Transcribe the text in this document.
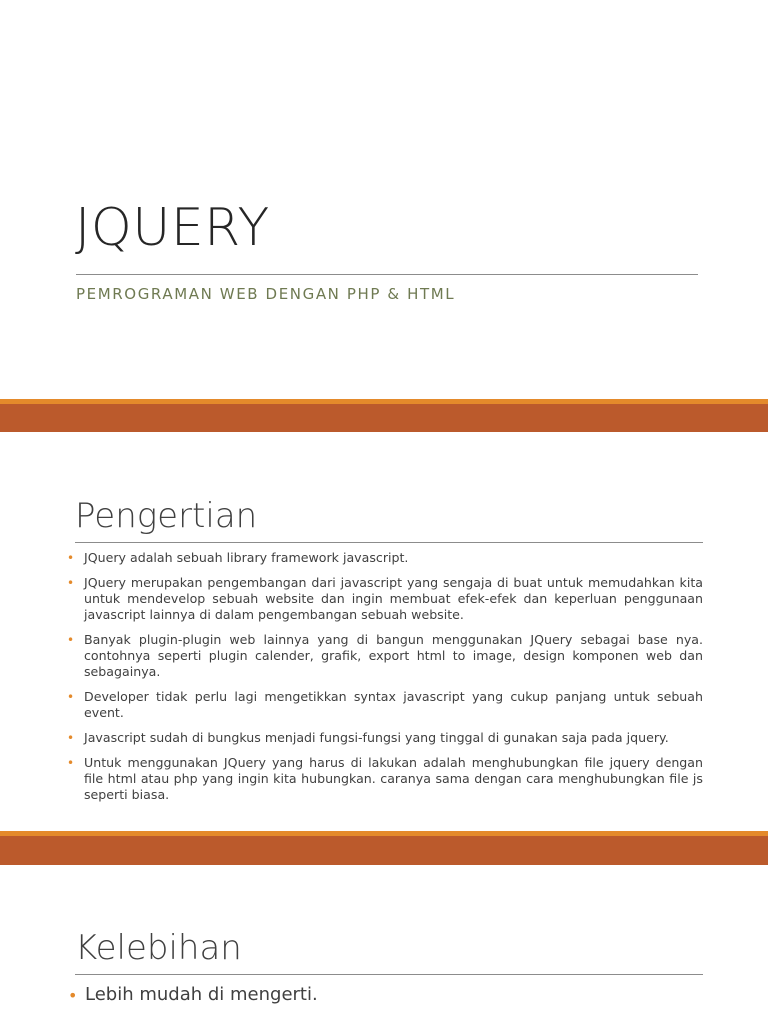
JQUERY
PEMROGRAMAN WEB DENGAN PHP & HTML
Pengertian
• JQuery adalah sebuah library framework javascript.
• JQuery merupakan pengembangan dari javascript yang sengaja di buat untuk memudahkan kita untuk mendevelop sebuah website dan ingin membuat efek-efek dan keperluan penggunaan javascript lainnya di dalam pengembangan sebuah website.
• Banyak plugin-plugin web lainnya yang di bangun menggunakan JQuery sebagai base nya. contohnya seperti plugin calender, grafik, export html to image, design komponen web dan sebagainya.
• Developer tidak perlu lagi mengetikkan syntax javascript yang cukup panjang untuk sebuah event.
• Javascript sudah di bungkus menjadi fungsi-fungsi yang tinggal di gunakan saja pada jquery.
• Untuk menggunakan JQuery yang harus di lakukan adalah menghubungkan file jquery dengan file html atau php yang ingin kita hubungkan. caranya sama dengan cara menghubungkan file js seperti biasa.
Kelebihan
• Lebih mudah di mengerti.
